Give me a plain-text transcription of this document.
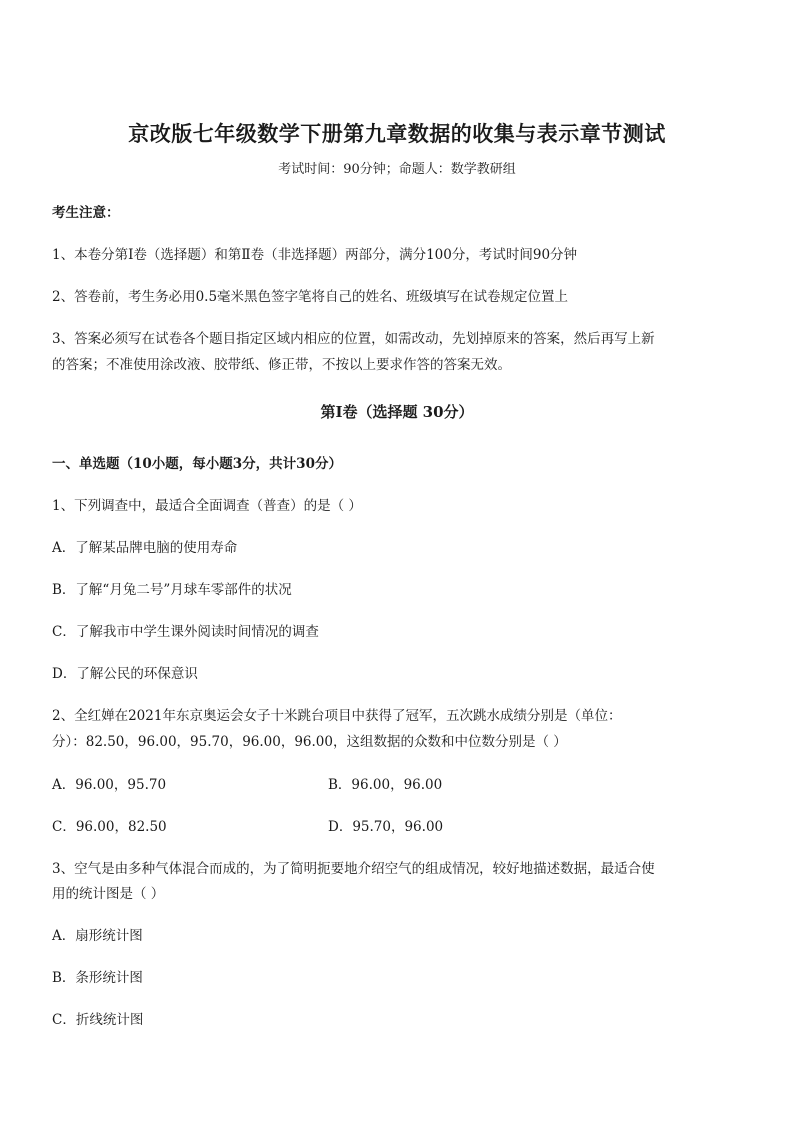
京改版七年级数学下册第九章数据的收集与表示章节测试
考试时间：90分钟；命题人：数学教研组
考生注意：
1、本卷分第Ⅰ卷（选择题）和第Ⅱ卷（非选择题）两部分，满分100分，考试时间90分钟
2、答卷前，考生务必用0.5毫米黑色签字笔将自己的姓名、班级填写在试卷规定位置上
3、答案必须写在试卷各个题目指定区域内相应的位置，如需改动，先划掉原来的答案，然后再写上新
的答案；不准使用涂改液、胶带纸、修正带，不按以上要求作答的答案无效。
第Ⅰ卷（选择题 30分）
一、单选题（10小题，每小题3分，共计30分）
1、下列调查中，最适合全面调查（普查）的是（ ）
A．了解某品牌电脑的使用寿命
B．了解“月兔二号”月球车零部件的状况
C．了解我市中学生课外阅读时间情况的调查
D．了解公民的环保意识
2、全红婵在2021年东京奥运会女子十米跳台项目中获得了冠军，五次跳水成绩分别是（单位：
分）：82.50，96.00，95.70，96.00，96.00，这组数据的众数和中位数分别是（ ）
A．96.00，95.70	B．96.00，96.00
C．96.00，82.50	D．95.70，96.00
3、空气是由多种气体混合而成的，为了简明扼要地介绍空气的组成情况，较好地描述数据，最适合使
用的统计图是（ ）
A．扇形统计图
B．条形统计图
C．折线统计图
